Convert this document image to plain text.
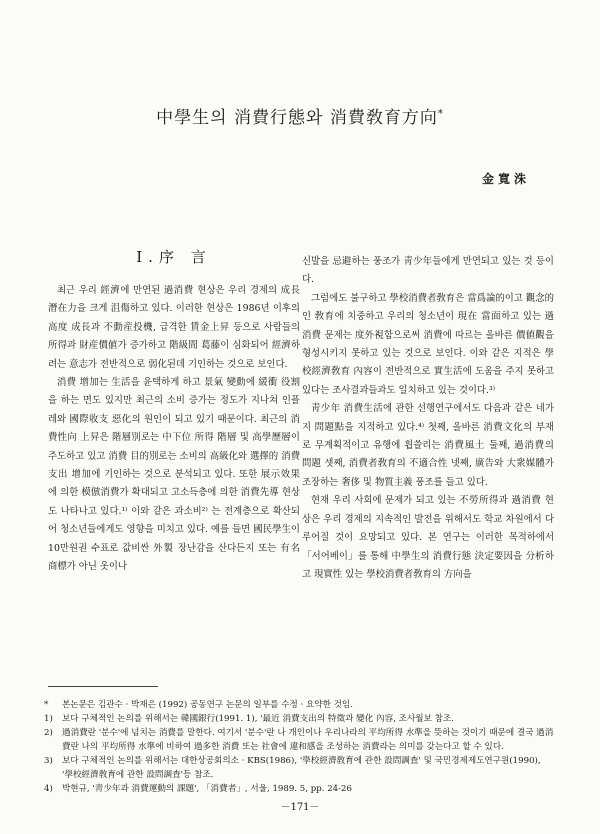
中學生의 消費行態와 消費敎育方向*
金寬洙
Ⅰ.序 言

최근 우리 經濟에 만연된 過消費 현상은 우리 경제의 成長潛在力을 크게 沮傷하고 있다. 이러한 현상은 1986년 이후의 高度 成長과 不動産投機, 급격한 賃金上昇 등으로 사람들의 所得과 財産價値가 증가하고 階級間 葛藤이 심화되어 經濟하려는 意志가 전반적으로 弱化된데 기인하는 것으로 보인다.

消費 增加는 生活을 윤택하게 하고 景氣 變動에 緩衝 役割을 하는 면도 있지만 최근의 소비 증가는 정도가 지나쳐 인플레와 國際收支 惡化의 원인이 되고 있기 때문이다. 최근의 消費性向 上昇은 階層別로는 中下位 所得 階層 및 高學歷層이 주도하고 있고 消費 目的別로는 소비의 高級化와 選擇的 消費支出 增加에 기인하는 것으로 분석되고 있다. 또한 展示效果에 의한 模倣消費가 확대되고 고소득층에 의한 消費先導 현상도 나타나고 있다.¹⁾ 이와 같은 과소비²⁾ 는 전계층으로 확산되어 청소년들에게도 영향을 미치고 있다. 예를 들면 國民學生이 10만원권 수표로 값비싼 外製 장난감을 산다든지 또는 有名 商標가 아닌 옷이나

신발을 忌避하는 풍조가 靑少年들에게 만연되고 있는 것 등이다.

그럼에도 불구하고 學校消費者敎育은 當爲論的이고 觀念的인 敎育에 치중하고 우리의 청소년이 現在 當面하고 있는 過消費 문제는 度外視함으로써 消費에 따르는 올바른 價値觀을 형성시키지 못하고 있는 것으로 보인다. 이와 같은 지적은 學校經濟敎育 內容이 전반적으로 實生活에 도움을 주지 못하고 있다는 조사결과들과도 일치하고 있는 것이다.³⁾

靑少年 消費生活에 관한 선행연구에서도 다음과 같은 네가지 問題點을 지적하고 있다.⁴⁾ 첫째, 올바른 消費文化의 부재로 무계획적이고 유행에 휩쓸리는 消費風土 둘째, 過消費의 問題 셋째, 消費者敎育의 不適合性 넷째, 廣告와 大衆媒體가 조장하는 奢侈 및 物質主義 풍조를 들고 있다.

현재 우리 사회에 문제가 되고 있는 不勞所得과 過消費 현상은 우리 경제의 지속적인 발전을 위해서도 학교 차원에서 다루어질 것이 요망되고 있다. 본 연구는 이러한 목적하에서 「서어베이」를 통해 中學生의 消費行態 決定要因을 分析하고 現實性 있는 學校消費者敎育의 方向을

*	본논문은 김관수 · 박재은 (1992) 공동연구 논문의 일부를 수정 · 요약한 것임.
1)	보다 구체적인 논의를 위해서는 韓國銀行(1991. 1), '最近 消費支出의 特徵과 變化 內容, 조사월보 참조.
2)	過消費란 '분수'에 넘치는 消費를 말한다. 여기서 '분수'란 나 개인이나 우리나라의 平均所得 水準을 뜻하는 것이기 때문에 결국 過消費란 나의 平均所得 水準에 비하여 過多한 消費 또는 社會에 違和感을 조성하는 消費라는 의미를 갖는다고 할 수 있다.
3)	보다 구체적인 논의를 위해서는 대한상공회의소 · KBS(1986), '學校經濟敎育에 관한 設問調査' 및 국민경제제도연구원(1990), '學校經濟敎育에 관한 設問調査'등 참조.
4)	박현규, '靑少年과 消費運動의 課題', 「消費者」, 서울, 1989. 5, pp. 24-26
－171－
